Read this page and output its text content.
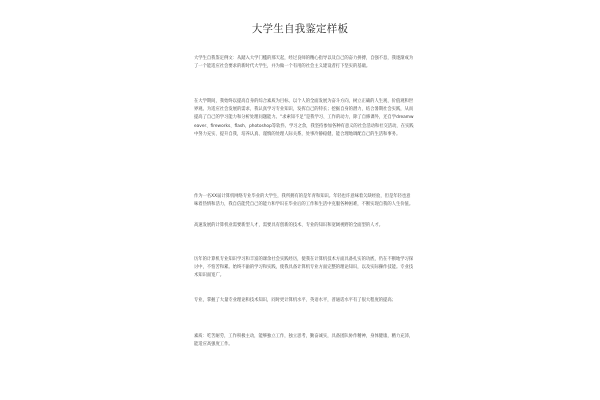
大学生自我鉴定样板

大学生自我鉴定例文：从踏入大学门槛的那天起，经过良师的精心指导以及自己的奋力拼搏，自强不息，我逐渐成为了一个能适应社会要求的新时代大学生，并为做一个有用的社会主义建设者打下坚实的基础。

在大学期间，我始终以提高自身的综合素质为目标，以个人的全面发展为奋斗方向，树立正确的人生观、价值观和世界观。为适应社会发展的需求，我认真学习专业知识，发挥自己的特长；挖掘自身的潜力，结合暑期社会实践，从而提高了自己的学习能力和分析处理问题能力。“求索知不足”是我学习、工作的动力，除了自修课外，还自学dreamweaver、fireworks、flash、photoshop等软件。学习之余，我坚持参加各种有意义的社会活动和社交活动，在实践中努力充实、提升自我，培养认真、谨慎的处理人际关系，处事冷静稳健，能合理地调配自己的生活和事务。

作为一名XX届计算机网络专业毕业的大学生，我所拥有的是年青和知识。年轻也许意味着欠缺经验，但是年轻也意味着热情和活力，我自信能凭自己的能力和学识在毕业后的工作和生活中克服各种困难，不断实现自我的人生价值。

高速发展的计算机业需要新型人才，需要具有创新的技术、专业的知识和宽阔视野的全面型的人才。

历年的计算机专业知识学习和丰富的课余社会实践经历，使我在计算机技术方面具备扎实的功底，仍在不断地学习探讨中，不怕苦和累。始终不渝的学习和实践，使我具备计算机专业方面完整的理论知识，以及实际操作技能。专业技术知识面宽广。

专业，掌握了大量专业理论和技术知识，同时更计算机水平、英语水平，普通话水平有了很大程度的提高；

素质：吃苦耐劳，工作积极主动，能够独立工作，独立思考，勤奋诚实，具备团队协作精神，身体健康，精力充沛，能适应高强度工作。
